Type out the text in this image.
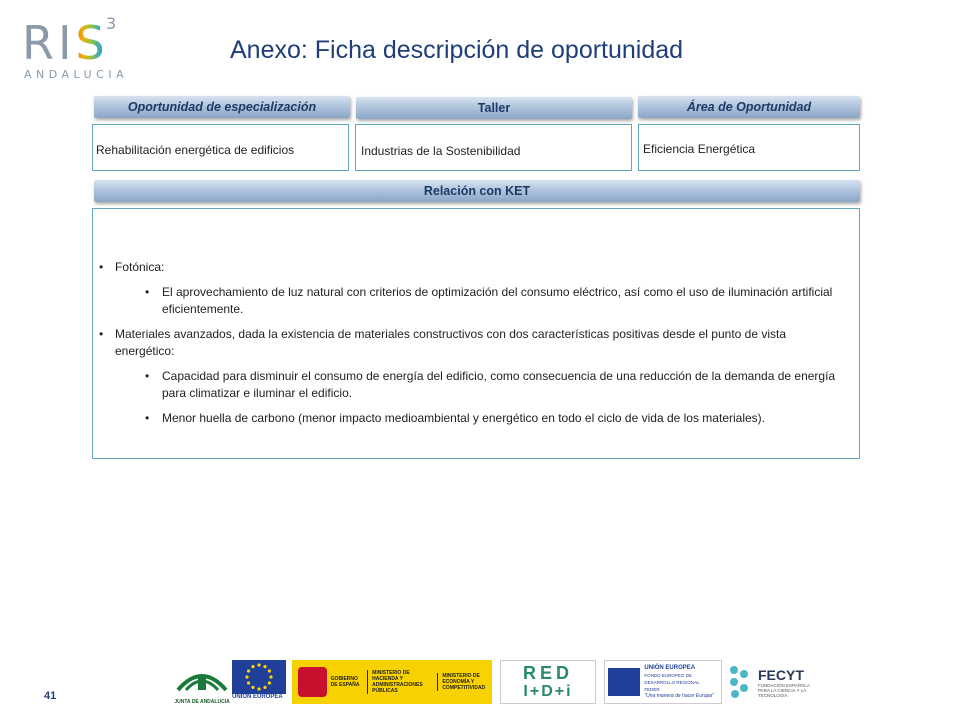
RIS
3
ANDALUCIA
Anexo: Ficha descripción de oportunidad
Oportunidad de especialización	Taller	Área de Oportunidad
Rehabilitación energética de edificios	Industrias de la Sostenibilidad	Eficiencia Energética
Relación con KET
• Fotónica:
• El aprovechamiento de luz natural con criterios de optimización del consumo eléctrico, así como el uso de iluminación artificial eficientemente.
• Materiales avanzados, dada la existencia de materiales constructivos con dos características positivas desde el punto de vista energético:
• Capacidad para disminuir el consumo de energía del edificio, como consecuencia de una reducción de la demanda de energía para climatizar e iluminar el edificio.
• Menor huella de carbono (menor impacto medioambiental y energético en todo el ciclo de vida de los materiales).
41	JUNTA DE ANDALUCIA
UNIÓN EUROPEA
GOBIERNO DE ESPAÑA
MINISTERIO DE HACIENDA Y ADMINISTRACIONES PÚBLICAS
MINISTERIO DE ECONOMÍA Y COMPETITIVIDAD
RED
I+D+i
UNIÓN EUROPEA
FONDO EUROPEO DE DESARROLLO REGIONAL
FEDER
"Una manera de hacer Europa"
FECYT
FUNDACIÓN ESPAÑOLA PARA LA CIENCIA Y LA TECNOLOGÍA
